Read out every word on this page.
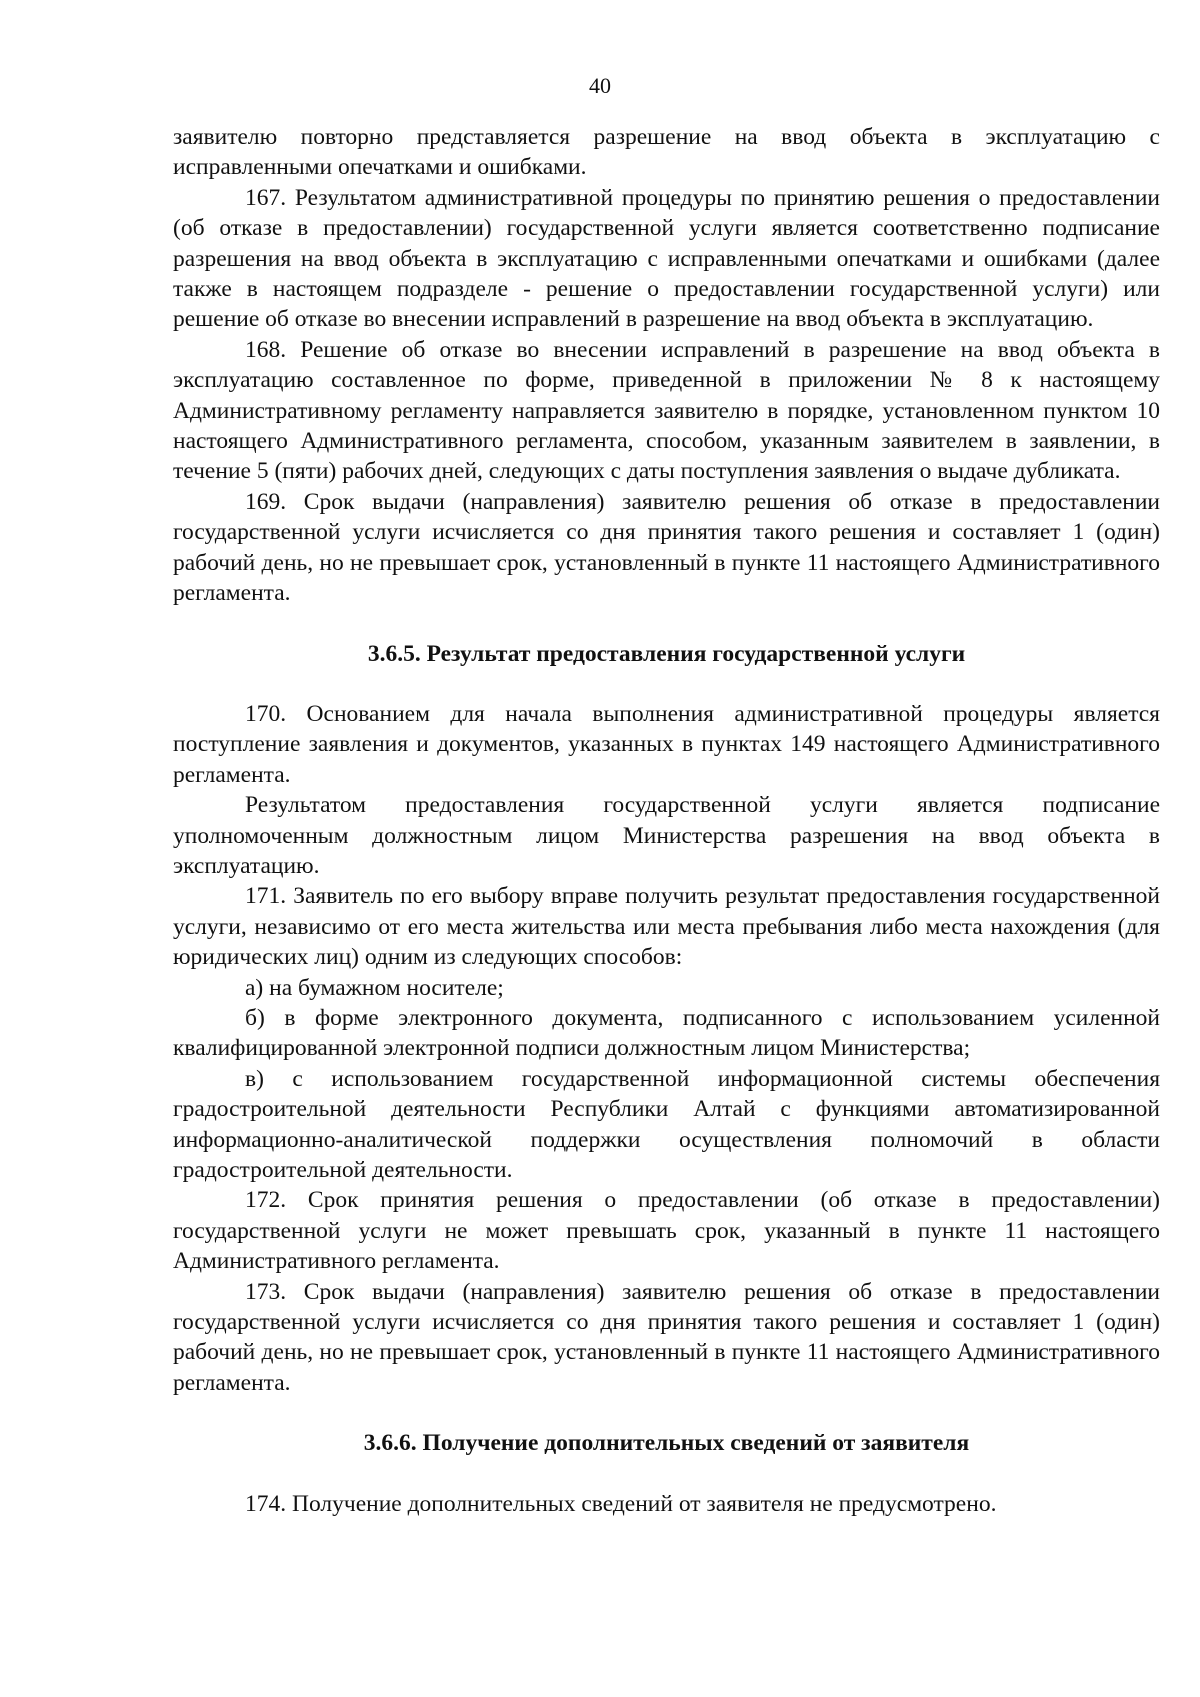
40

заявителю повторно представляется разрешение на ввод объекта в эксплуатацию с исправленными опечатками и ошибками.

167. Результатом административной процедуры по принятию решения о предоставлении (об отказе в предоставлении) государственной услуги является соответственно подписание разрешения на ввод объекта в эксплуатацию с исправленными опечатками и ошибками (далее также в настоящем подразделе - решение о предоставлении государственной услуги) или решение об отказе во внесении исправлений в разрешение на ввод объекта в эксплуатацию.

168. Решение об отказе во внесении исправлений в разрешение на ввод объекта в эксплуатацию составленное по форме, приведенной в приложении № 8 к настоящему Административному регламенту направляется заявителю в порядке, установленном пунктом 10 настоящего Административного регламента, способом, указанным заявителем в заявлении, в течение 5 (пяти) рабочих дней, следующих с даты поступления заявления о выдаче дубликата.

169. Срок выдачи (направления) заявителю решения об отказе в предоставлении государственной услуги исчисляется со дня принятия такого решения и составляет 1 (один) рабочий день, но не превышает срок, установленный в пункте 11 настоящего Административного регламента.

3.6.5. Результат предоставления государственной услуги

170. Основанием для начала выполнения административной процедуры является поступление заявления и документов, указанных в пунктах 149 настоящего Административного регламента.

Результатом предоставления государственной услуги является подписание уполномоченным должностным лицом Министерства разрешения на ввод объекта в эксплуатацию.

171. Заявитель по его выбору вправе получить результат предоставления государственной услуги, независимо от его места жительства или места пребывания либо места нахождения (для юридических лиц) одним из следующих способов:

а) на бумажном носителе;

б) в форме электронного документа, подписанного с использованием усиленной квалифицированной электронной подписи должностным лицом Министерства;

в) с использованием государственной информационной системы обеспечения градостроительной деятельности Республики Алтай с функциями автоматизированной информационно-аналитической поддержки осуществления полномочий в области градостроительной деятельности.

172. Срок принятия решения о предоставлении (об отказе в предоставлении) государственной услуги не может превышать срок, указанный в пункте 11 настоящего Административного регламента.

173. Срок выдачи (направления) заявителю решения об отказе в предоставлении государственной услуги исчисляется со дня принятия такого решения и составляет 1 (один) рабочий день, но не превышает срок, установленный в пункте 11 настоящего Административного регламента.

3.6.6. Получение дополнительных сведений от заявителя

174. Получение дополнительных сведений от заявителя не предусмотрено.
